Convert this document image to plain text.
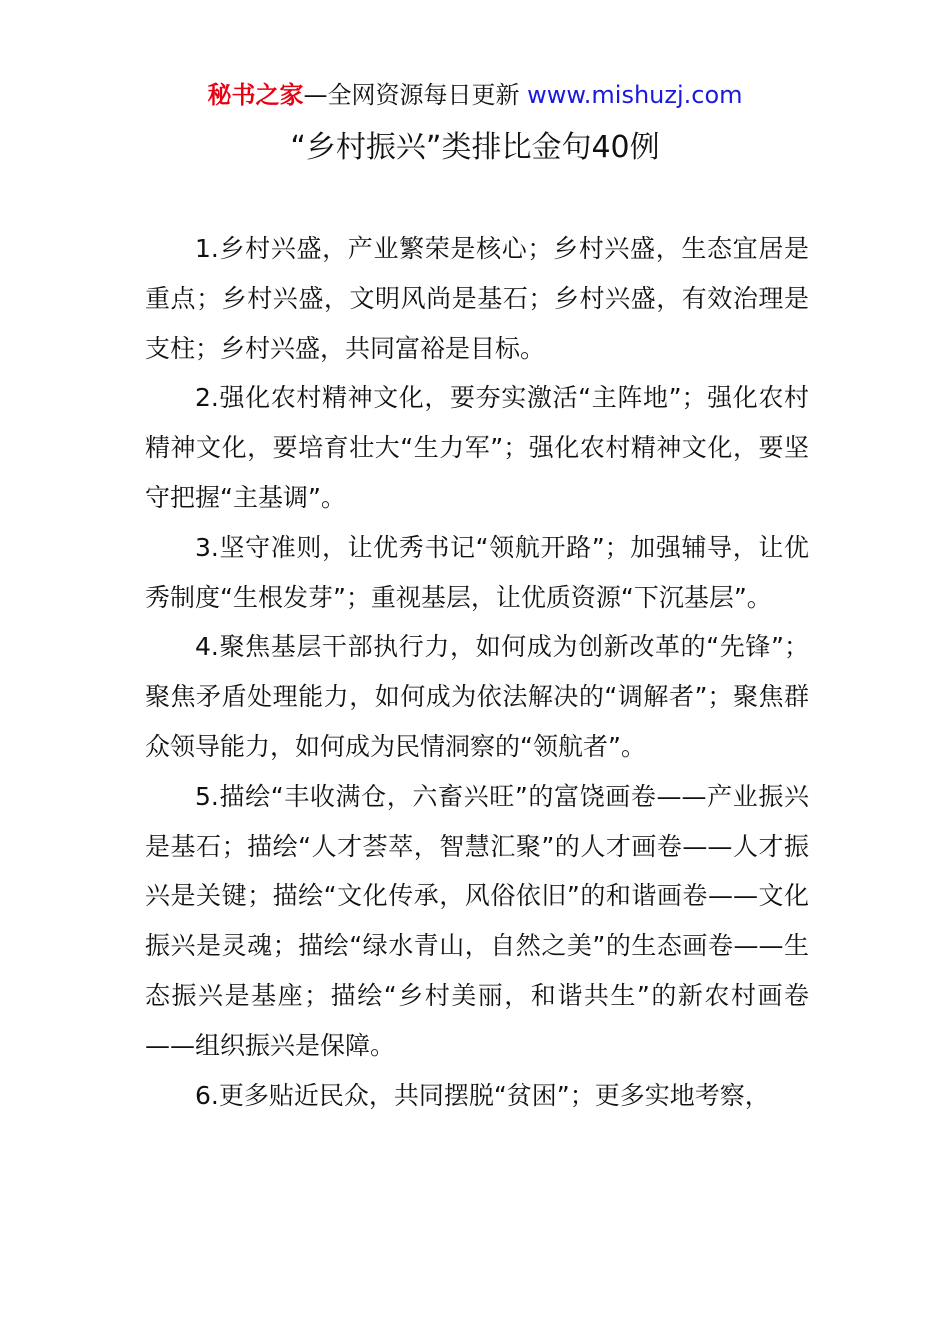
秘书之家—全网资源每日更新 www.mishuzj.com
“乡村振兴”类排比金句40例

1.乡村兴盛，产业繁荣是核心；乡村兴盛，生态宜居是重点；乡村兴盛，文明风尚是基石；乡村兴盛，有效治理是支柱；乡村兴盛，共同富裕是目标。

2.强化农村精神文化，要夯实激活“主阵地”；强化农村精神文化，要培育壮大“生力军”；强化农村精神文化，要坚守把握“主基调”。

3.坚守准则，让优秀书记“领航开路”；加强辅导，让优秀制度“生根发芽”；重视基层，让优质资源“下沉基层”。

4.聚焦基层干部执行力，如何成为创新改革的“先锋”；聚焦矛盾处理能力，如何成为依法解决的“调解者”；聚焦群众领导能力，如何成为民情洞察的“领航者”。

5.描绘“丰收满仓，六畜兴旺”的富饶画卷——产业振兴是基石；描绘“人才荟萃，智慧汇聚”的人才画卷——人才振兴是关键；描绘“文化传承，风俗依旧”的和谐画卷——文化振兴是灵魂；描绘“绿水青山，自然之美”的生态画卷——生态振兴是基座；描绘“乡村美丽，和谐共生”的新农村画卷——组织振兴是保障。

6.更多贴近民众，共同摆脱“贫困”；更多实地考察，
